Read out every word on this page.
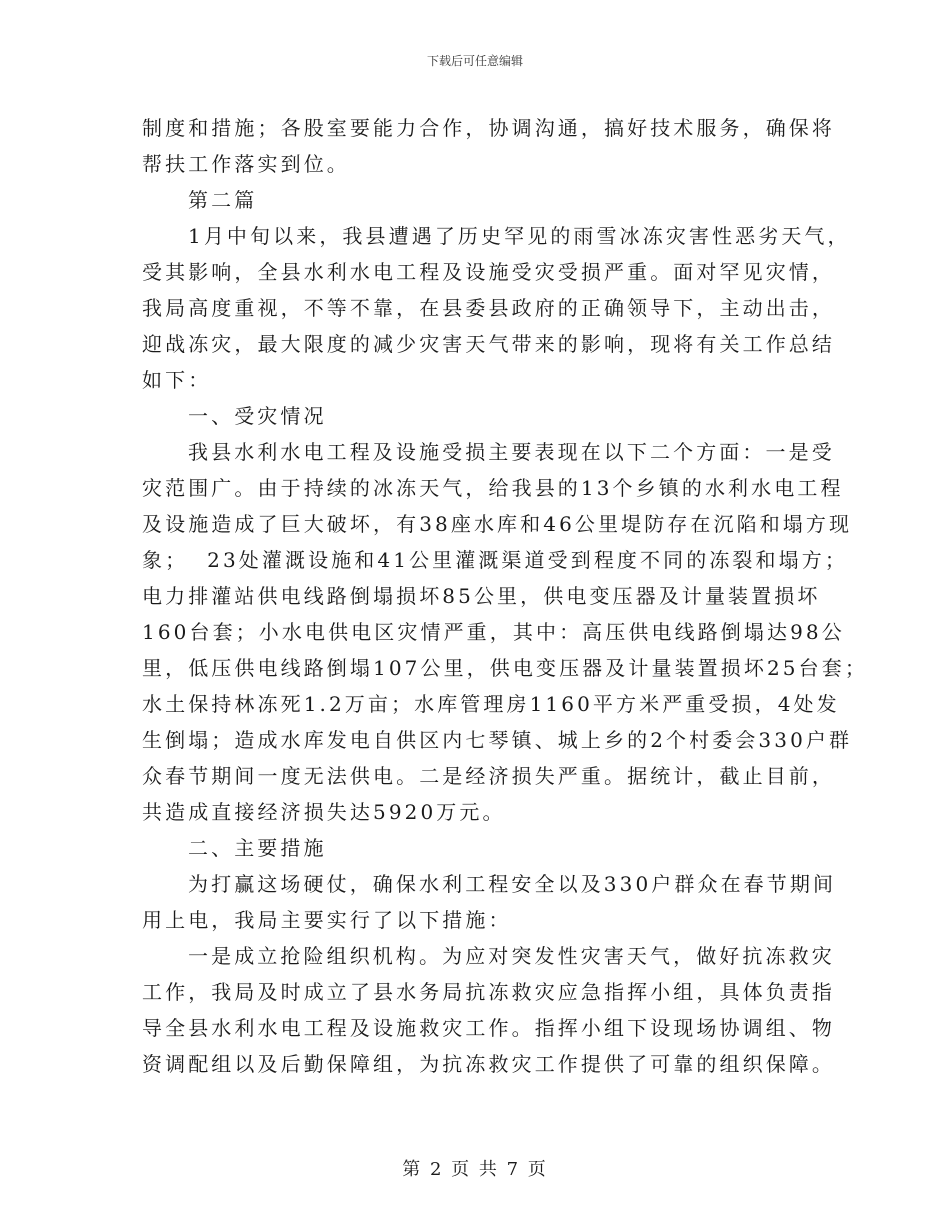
下载后可任意编辑

制度和措施；各股室要能力合作，协调沟通，搞好技术服务，确保将

帮扶工作落实到位。

第二篇

1月中旬以来，我县遭遇了历史罕见的雨雪冰冻灾害性恶劣天气，

受其影响，全县水利水电工程及设施受灾受损严重。面对罕见灾情，

我局高度重视，不等不靠，在县委县政府的正确领导下，主动出击，

迎战冻灾，最大限度的减少灾害天气带来的影响，现将有关工作总结

如下：

一、受灾情况

我县水利水电工程及设施受损主要表现在以下二个方面：一是受

灾范围广。由于持续的冰冻天气，给我县的13个乡镇的水利水电工程

及设施造成了巨大破坏，有38座水库和46公里堤防存在沉陷和塌方现

象；  23处灌溉设施和41公里灌溉渠道受到程度不同的冻裂和塌方；

电力排灌站供电线路倒塌损坏85公里，供电变压器及计量装置损坏

160台套；小水电供电区灾情严重，其中：高压供电线路倒塌达98公

里，低压供电线路倒塌107公里，供电变压器及计量装置损坏25台套；

水土保持林冻死1.2万亩；水库管理房1160平方米严重受损，4处发

生倒塌；造成水库发电自供区内七琴镇、城上乡的2个村委会330户群

众春节期间一度无法供电。二是经济损失严重。据统计，截止目前，

共造成直接经济损失达5920万元。

二、主要措施

为打赢这场硬仗，确保水利工程安全以及330户群众在春节期间

用上电，我局主要实行了以下措施：

一是成立抢险组织机构。为应对突发性灾害天气，做好抗冻救灾

工作，我局及时成立了县水务局抗冻救灾应急指挥小组，具体负责指

导全县水利水电工程及设施救灾工作。指挥小组下设现场协调组、物

资调配组以及后勤保障组，为抗冻救灾工作提供了可靠的组织保障。

第 2 页 共 7 页
